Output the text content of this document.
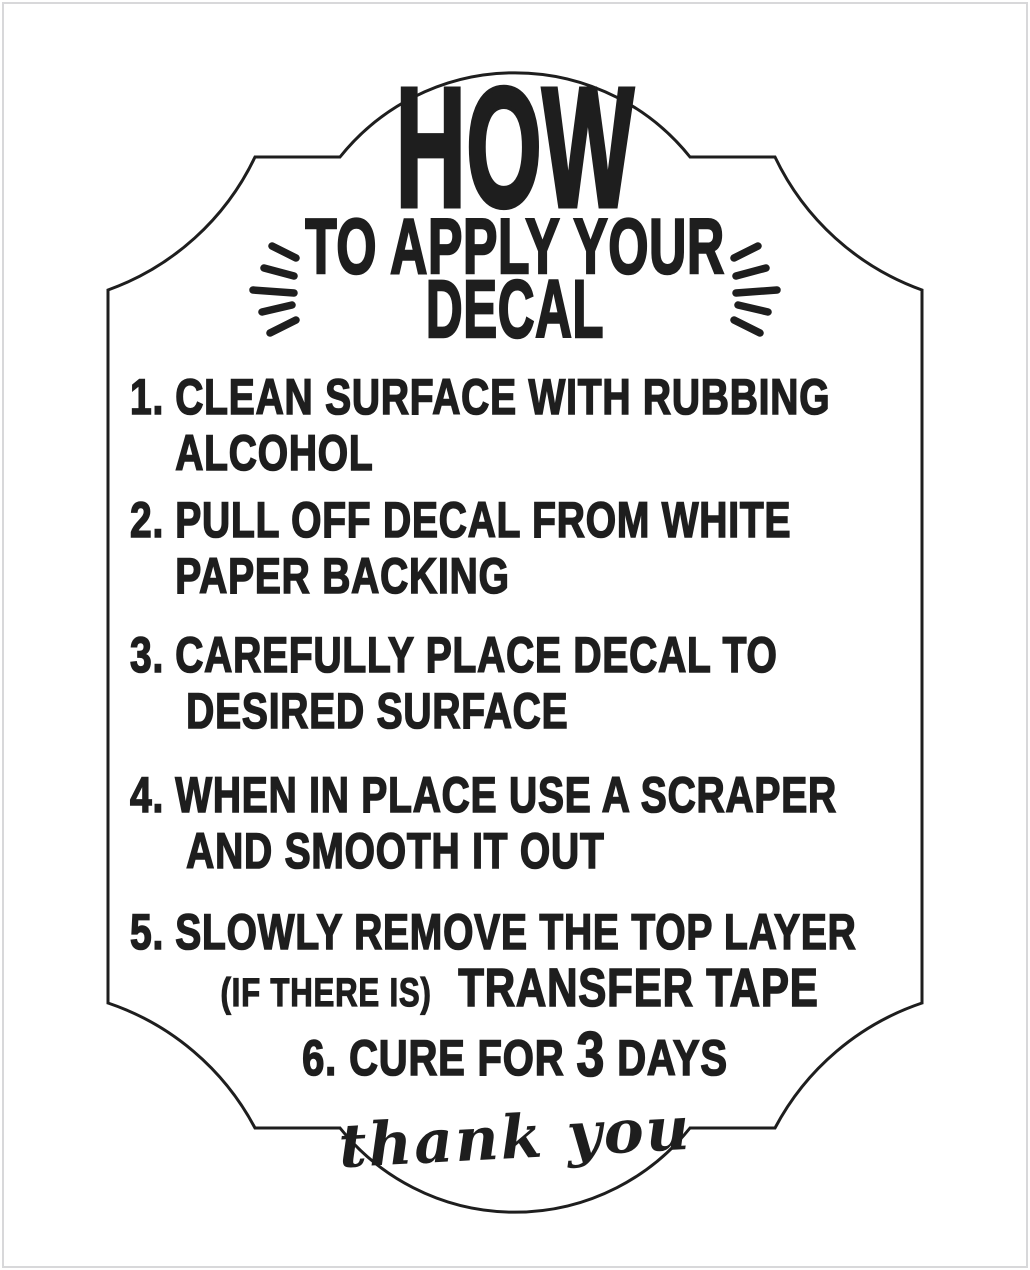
HOW
TO APPLY YOUR
DECAL
1. CLEAN SURFACE WITH RUBBING
ALCOHOL
2. PULL OFF DECAL FROM WHITE
PAPER BACKING
3. CAREFULLY PLACE DECAL TO
DESIRED SURFACE
4. WHEN IN PLACE USE A SCRAPER
AND SMOOTH IT OUT
5. SLOWLY REMOVE THE TOP LAYER
(IF THERE IS) TRANSFER TAPE
6. CURE FOR 3 DAYS
thank you
